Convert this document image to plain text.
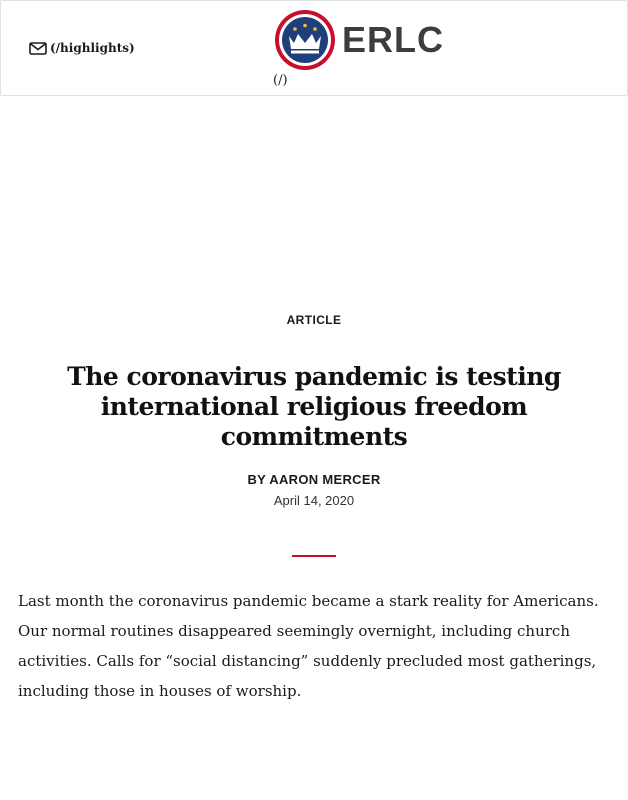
(/highlights)	ERLC
(/)
ARTICLE
The coronavirus pandemic is testing international religious freedom commitments
BY AARON MERCER
April 14, 2020

Last month the coronavirus pandemic became a stark reality for Americans. Our normal routines disappeared seemingly overnight, including church activities. Calls for “social distancing” suddenly precluded most gatherings, including those in houses of worship.
